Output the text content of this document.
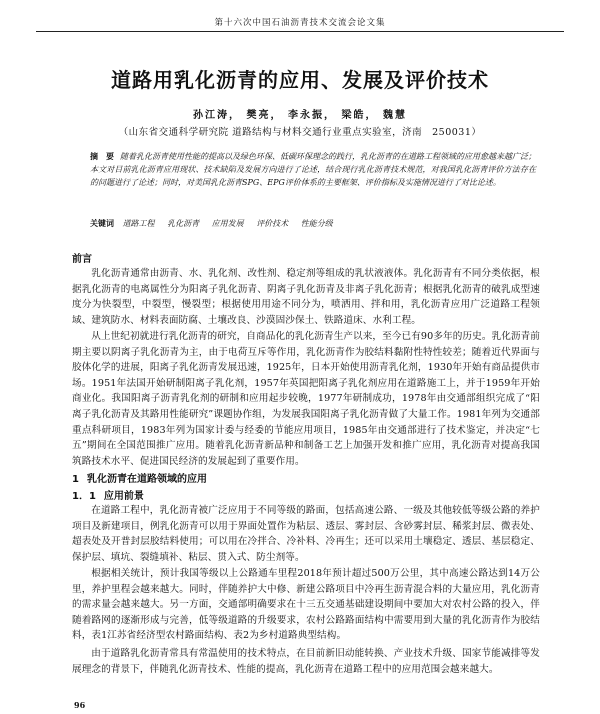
第十六次中国石油沥青技术交流会论文集
道路用乳化沥青的应用、发展及评价技术
孙江涛， 樊亮， 李永振， 梁皓， 魏慧
（山东省交通科学研究院 道路结构与材料交通行业重点实验室，济南　250031）
摘　要 随着乳化沥青使用性能的提高以及绿色环保、低碳环保理念的践行，乳化沥青的在道路工程领域的应用愈越来越广泛；本文对目前乳化沥青应用现状、技术缺陷及发展方向进行了论述，结合现行乳化沥青技术规范，对我国乳化沥青评价方法存在的问题进行了论述；同时，对美国乳化沥青SPG、EPG评价体系的主要框架、评价指标及实施情况进行了对比论述。
关键词 道路工程 乳化沥青 应用发展 评价技术 性能分级
前言
乳化沥青通常由沥青、水、乳化剂、改性剂、稳定剂等组成的乳状液液体。乳化沥青有不同分类依据，根据乳化沥青的电离属性分为阳离子乳化沥青、阴离子乳化沥青及非离子乳化沥青；根据乳化沥青的破乳成型速度分为快裂型，中裂型，慢裂型；根据使用用途不同分为，喷洒用、拌和用，乳化沥青应用广泛道路工程领域、建筑防水、材料表面防腐、土壤改良、沙漠固沙保土、铁路道床、水利工程。
从上世纪初就进行乳化沥青的研究，自商品化的乳化沥青生产以来，至今已有90多年的历史。乳化沥青前期主要以阴离子乳化沥青为主，由于电荷互斥等作用，乳化沥青作为胶结料黏附性特性较差；随着近代界面与胶体化学的进展，阳离子乳化沥青发展迅速，1925年，日本开始使用沥青乳化剂，1930年开始有商品提供市场。1951年法国开始研制阳离子乳化剂，1957年英国把阳离子乳化剂应用在道路施工上，并于1959年开始商业化。我国阳离子沥青乳化剂的研制和应用起步较晚，1977年研制成功，1978年由交通部组织完成了“阳离子乳化沥青及其路用性能研究”课题协作组，为发展我国阳离子乳化沥青做了大量工作。1981年列为交通部重点科研项目，1983年列为国家计委与经委的节能应用项目，1985年由交通部进行了技术鉴定，并决定“七五”期间在全国范围推广应用。随着乳化沥青新品种和制备工艺上加强开发和推广应用，乳化沥青对提高我国筑路技术水平、促进国民经济的发展起到了重要作用。
1 乳化沥青在道路领域的应用
1．1 应用前景
在道路工程中，乳化沥青被广泛应用于不同等级的路面，包括高速公路、一级及其他较低等级公路的养护项目及新建项目，例乳化沥青可以用于界面处置作为粘层、透层、雾封层、含砂雾封层、稀浆封层、微表处、超表处及开普封层胶结料使用；可以用在冷拌合、冷补料、冷再生；还可以采用土壤稳定、透层、基层稳定、保护层、填坑、裂缝填补、粘层、贯入式、防尘剂等。
根据相关统计，预计我国等级以上公路通车里程2018年预计超过500万公里，其中高速公路达到14万公里，养护里程会越来越大。同时，伴随养护大中修、新建公路项目中冷再生沥青混合料的大量应用，乳化沥青的需求量会越来越大。另一方面，交通部明确要求在十三五交通基础建设期间中要加大对农村公路的投入，伴随着路网的逐渐形成与完善，低等级道路的升级要求，农村公路路面结构中需要用到大量的乳化沥青作为胶结料，表1江苏省经济型农村路面结构、表2为乡村道路典型结构。
由于道路乳化沥青常具有常温使用的技术特点，在目前新旧动能转换、产业技术升级、国家节能减排等发展理念的背景下，伴随乳化沥青技术、性能的提高，乳化沥青在道路工程中的应用范围会越来越大。
96
